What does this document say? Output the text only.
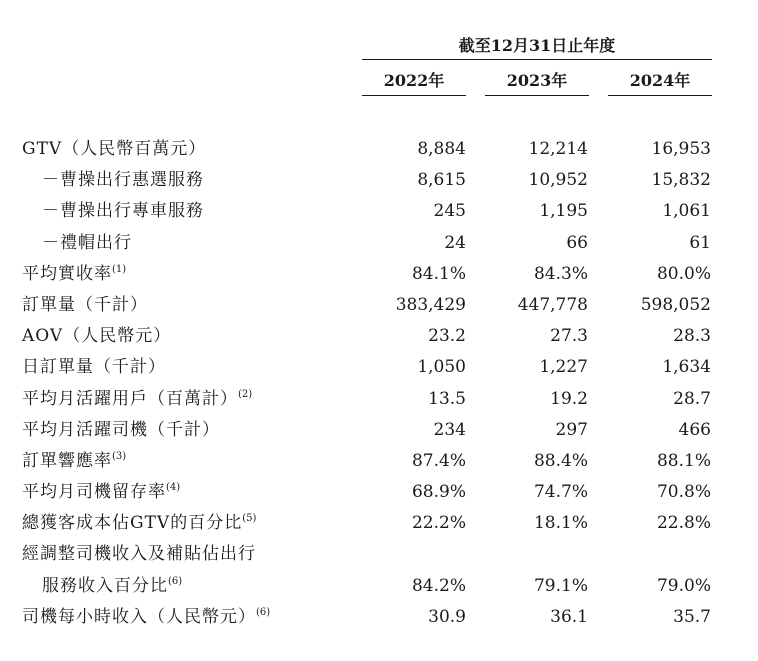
截至12月31日止年度
2022年	2023年	2024年
GTV（人民幣百萬元）	8,884	12,214	16,953
－曹操出行惠選服務	8,615	10,952	15,832
－曹操出行專車服務	245	1,195	1,061
－禮帽出行	24	66	61
平均實收率$^{(1)}$	84.1%	84.3%	80.0%
訂單量（千計）	383,429	447,778	598,052
AOV（人民幣元）	23.2	27.3	28.3
日訂單量（千計）	1,050	1,227	1,634
平均月活躍用戶（百萬計）$^{(2)}$	13.5	19.2	28.7
平均月活躍司機（千計）	234	297	466
訂單響應率$^{(3)}$	87.4%	88.4%	88.1%
平均月司機留存率$^{(4)}$	68.9%	74.7%	70.8%
總獲客成本佔GTV的百分比$^{(5)}$	22.2%	18.1%	22.8%
經調整司機收入及補貼佔出行
服務收入百分比$^{(6)}$	84.2%	79.1%	79.0%
司機每小時收入（人民幣元）$^{(6)}$	30.9	36.1	35.7
